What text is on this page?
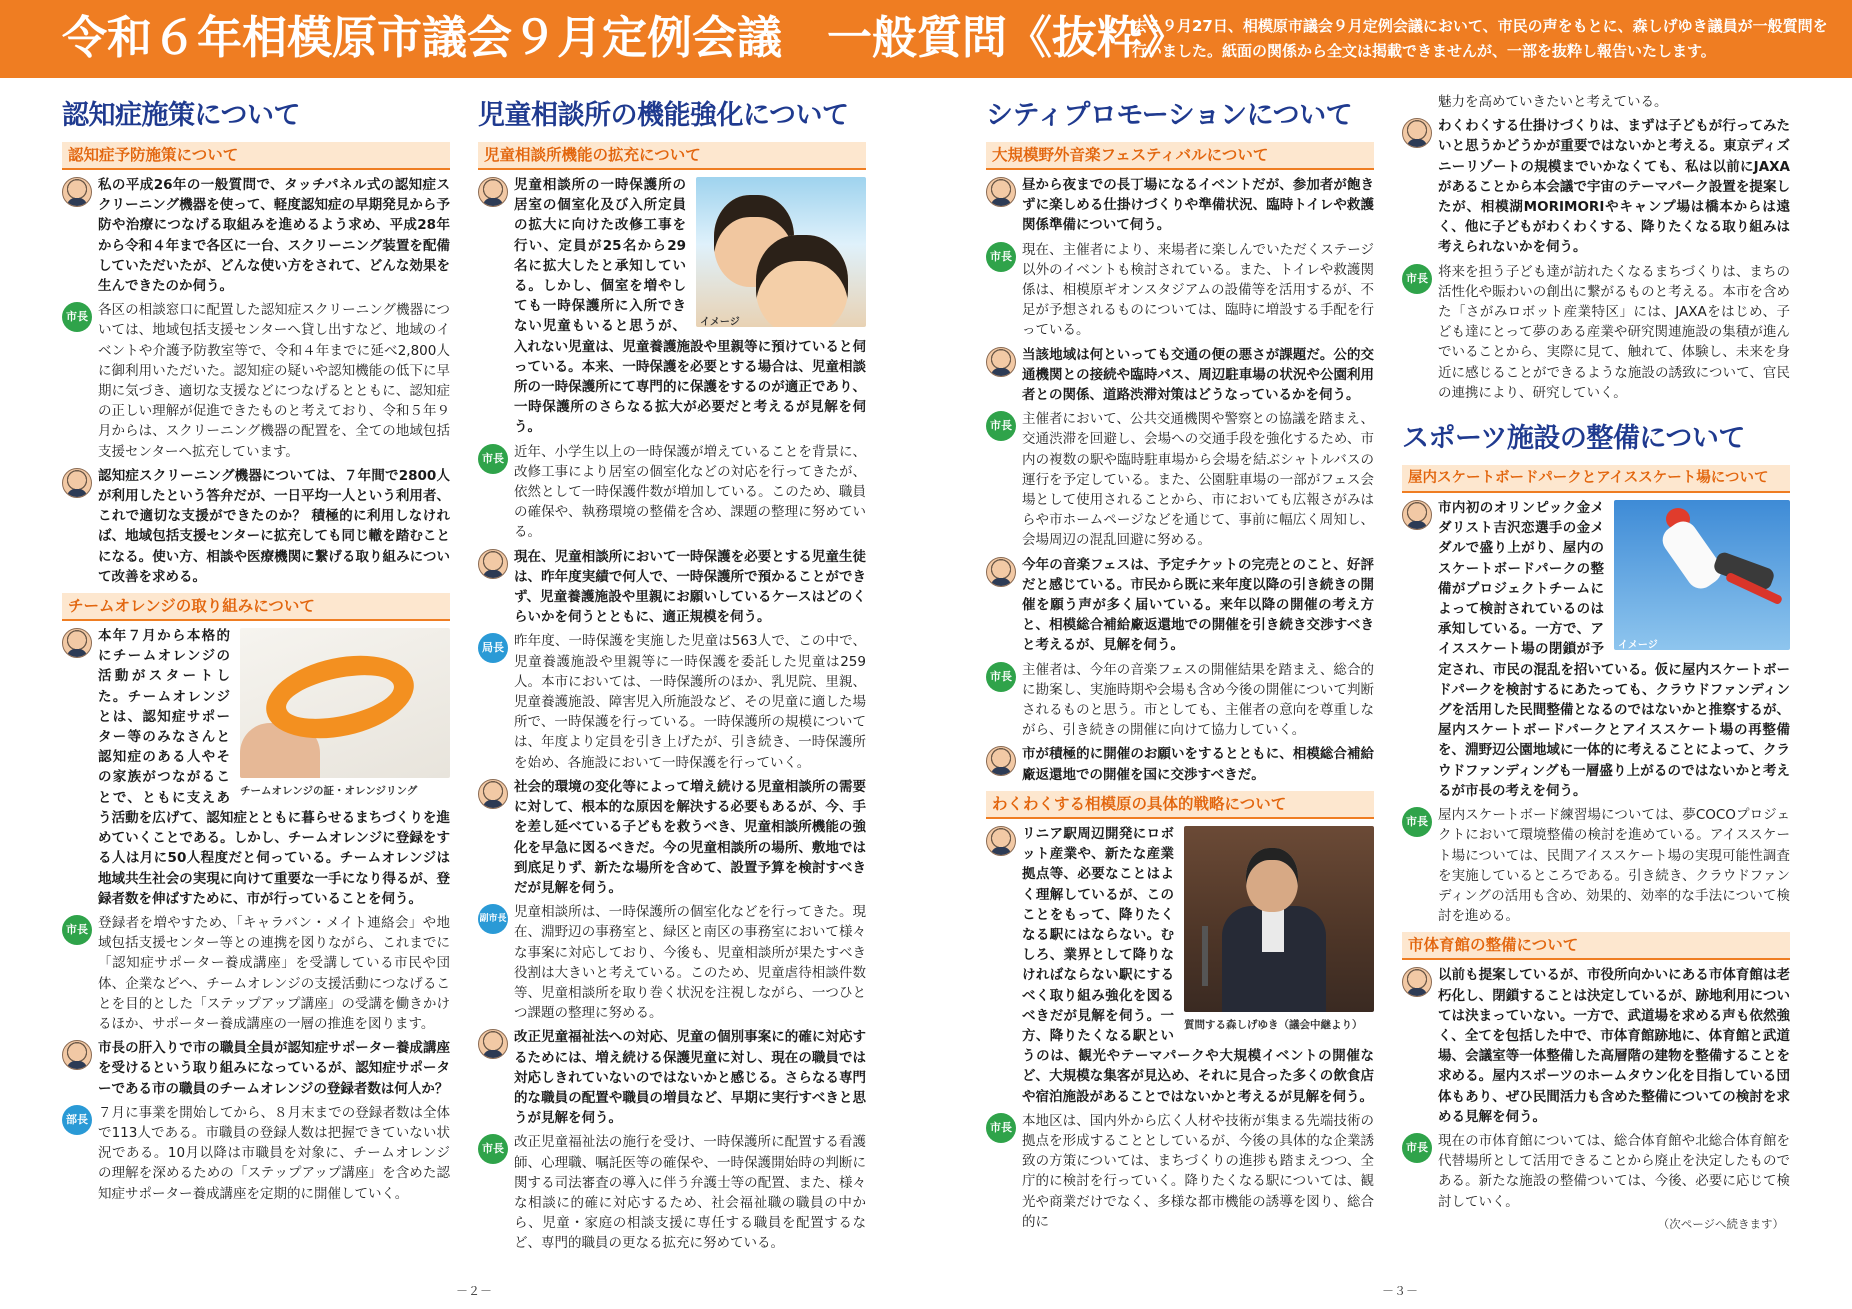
令和６年相模原市議会９月定例会議　一般質問《抜粋》

去る９月27日、相模原市議会９月定例会議において、市民の声をもとに、森しげゆき議員が一般質問を行いました。紙面の関係から全文は掲載できませんが、一部を抜粋し報告いたします。

認知症施策について
認知症予防施策について
私の平成26年の一般質問で、タッチパネル式の認知症スクリーニング機器を使って、軽度認知症の早期発見から予防や治療につなげる取組みを進めるよう求め、平成28年から令和４年まで各区に一台、スクリーニング装置を配備していただいたが、どんな使い方をされて、どんな効果を生んできたのか伺う。
市長 各区の相談窓口に配置した認知症スクリーニング機器については、地域包括支援センターへ貸し出すなど、地域のイベントや介護予防教室等で、令和４年までに延べ2,800人に御利用いただいた。認知症の疑いや認知機能の低下に早期に気づき、適切な支援などにつなげるとともに、認知症の正しい理解が促進できたものと考えており、令和５年９月からは、スクリーニング機器の配置を、全ての地域包括支援センターへ拡充しています。
認知症スクリーニング機器については、７年間で2800人が利用したという答弁だが、一日平均一人という利用者、これで適切な支援ができたのか？ 積極的に利用しなければ、地域包括支援センターに拡充しても同じ轍を踏むことになる。使い方、相談や医療機関に繋げる取り組みについて改善を求める。
チームオレンジの取り組みについて
チームオレンジの証・オレンジリング
本年７月から本格的にチームオレンジの活動がスタートした。チームオレンジとは、認知症サポーター等のみなさんと認知症のある人やその家族がつながることで、ともに支えあう活動を広げて、認知症とともに暮らせるまちづくりを進めていくことである。しかし、チームオレンジに登録をする人は月に50人程度だと伺っている。チームオレンジは地域共生社会の実現に向けて重要な一手になり得るが、登録者数を伸ばすために、市が行っていることを伺う。
市長 登録者を増やすため、「キャラバン・メイト連絡会」や地域包括支援センター等との連携を図りながら、これまでに「認知症サポーター養成講座」を受講している市民や団体、企業などへ、チームオレンジの支援活動につなげることを目的とした「ステップアップ講座」の受講を働きかけるほか、サポーター養成講座の一層の推進を図ります。
市長の肝入りで市の職員全員が認知症サポーター養成講座を受けるという取り組みになっているが、認知症サポーターである市の職員のチームオレンジの登録者数は何人か？
部長 ７月に事業を開始してから、８月末までの登録者数は全体で113人である。市職員の登録人数は把握できていない状況である。10月以降は市職員を対象に、チームオレンジの理解を深めるための「ステップアップ講座」を含めた認知症サポーター養成講座を定期的に開催していく。
児童相談所の機能強化について
児童相談所機能の拡充について
イメージ
児童相談所の一時保護所の居室の個室化及び入所定員の拡大に向けた改修工事を行い、定員が25名から29名に拡大したと承知している。しかし、個室を増やしても一時保護所に入所できない児童もいると思うが、入れない児童は、児童養護施設や里親等に預けていると伺っている。本来、一時保護を必要とする場合は、児童相談所の一時保護所にて専門的に保護をするのが適正であり、一時保護所のさらなる拡大が必要だと考えるが見解を伺う。
市長 近年、小学生以上の一時保護が増えていることを背景に、改修工事により居室の個室化などの対応を行ってきたが、依然として一時保護件数が増加している。このため、職員の確保や、執務環境の整備を含め、課題の整理に努めている。
現在、児童相談所において一時保護を必要とする児童生徒は、昨年度実績で何人で、一時保護所で預かることができず、児童養護施設や里親にお願いしているケースはどのくらいかを伺うとともに、適正規模を伺う。
局長 昨年度、一時保護を実施した児童は563人で、この中で、児童養護施設や里親等に一時保護を委託した児童は259人。本市においては、一時保護所のほか、乳児院、里親、児童養護施設、障害児入所施設など、その児童に適した場所で、一時保護を行っている。一時保護所の規模については、年度より定員を引き上げたが、引き続き、一時保護所を始め、各施設において一時保護を行っていく。
社会的環境の変化等によって増え続ける児童相談所の需要に対して、根本的な原因を解決する必要もあるが、今、手を差し延べている子どもを救うべき、児童相談所機能の強化を早急に図るべきだ。今の児童相談所の場所、敷地では到底足りず、新たな場所を含めて、設置予算を検討すべきだが見解を伺う。
副市長 児童相談所は、一時保護所の個室化などを行ってきた。現在、淵野辺の事務室と、緑区と南区の事務室において様々な事案に対応しており、今後も、児童相談所が果たすべき役割は大きいと考えている。このため、児童虐待相談件数等、児童相談所を取り巻く状況を注視しながら、一つひとつ課題の整理に努める。
改正児童福祉法への対応、児童の個別事案に的確に対応するためには、増え続ける保護児童に対し、現在の職員では対応しきれていないのではないかと感じる。さらなる専門的な職員の配置や職員の増員など、早期に実行すべきと思うが見解を伺う。
市長 改正児童福祉法の施行を受け、一時保護所に配置する看護師、心理職、嘱託医等の確保や、一時保護開始時の判断に関する司法審査の導入に伴う弁護士等の配置、また、様々な相談に的確に対応するため、社会福祉職の職員の中から、児童・家庭の相談支援に専任する職員を配置するなど、専門的職員の更なる拡充に努めている。
シティプロモーションについて
大規模野外音楽フェスティバルについて
昼から夜までの長丁場になるイベントだが、参加者が飽きずに楽しめる仕掛けづくりや準備状況、臨時トイレや救護関係準備について伺う。
市長 現在、主催者により、来場者に楽しんでいただくステージ以外のイベントも検討されている。また、トイレや救護関係は、相模原ギオンスタジアムの設備等を活用するが、不足が予想されるものについては、臨時に増設する手配を行っている。
当該地域は何といっても交通の便の悪さが課題だ。公的交通機関との接続や臨時バス、周辺駐車場の状況や公園利用者との関係、道路渋滞対策はどうなっているかを伺う。
市長 主催者において、公共交通機関や警察との協議を踏まえ、交通渋滞を回避し、会場への交通手段を強化するため、市内の複数の駅や臨時駐車場から会場を結ぶシャトルバスの運行を予定している。また、公園駐車場の一部がフェス会場として使用されることから、市においても広報さがみはらや市ホームページなどを通じて、事前に幅広く周知し、会場周辺の混乱回避に努める。
今年の音楽フェスは、予定チケットの完売とのこと、好評だと感じている。市民から既に来年度以降の引き続きの開催を願う声が多く届いている。来年以降の開催の考え方と、相模総合補給廠返還地での開催を引き続き交渉すべきと考えるが、見解を伺う。
市長 主催者は、今年の音楽フェスの開催結果を踏まえ、総合的に勘案し、実施時期や会場も含め今後の開催について判断されるものと思う。市としても、主催者の意向を尊重しながら、引き続きの開催に向けて協力していく。
市が積極的に開催のお願いをするとともに、相模総合補給廠返還地での開催を国に交渉すべきだ。
わくわくする相模原の具体的戦略について
質問する森しげゆき（議会中継より）
リニア駅周辺開発にロボット産業や、新たな産業拠点等、必要なことはよく理解しているが、このことをもって、降りたくなる駅にはならない。むしろ、業界として降りなければならない駅にするべく取り組み強化を図るべきだが見解を伺う。一方、降りたくなる駅というのは、観光やテーマパークや大規模イベントの開催など、大規模な集客が見込め、それに見合った多くの飲食店や宿泊施設があることではないかと考えるが見解を伺う。
市長 本地区は、国内外から広く人材や技術が集まる先端技術の拠点を形成することとしているが、今後の具体的な企業誘致の方策については、まちづくりの進捗も踏まえつつ、全庁的に検討を行っていく。降りたくなる駅については、観光や商業だけでなく、多様な都市機能の誘導を図り、総合的に
魅力を高めていきたいと考えている。
わくわくする仕掛けづくりは、まずは子どもが行ってみたいと思うかどうかが重要ではないかと考える。東京ディズニーリゾートの規模までいかなくても、私は以前にJAXAがあることから本会議で宇宙のテーマパーク設置を提案したが、相模湖MORIMORIやキャンプ場は橋本からは遠く、他に子どもがわくわくする、降りたくなる取り組みは考えられないかを伺う。
市長 将来を担う子ども達が訪れたくなるまちづくりは、まちの活性化や賑わいの創出に繋がるものと考える。本市を含めた「さがみロボット産業特区」には、JAXAをはじめ、子ども達にとって夢のある産業や研究関連施設の集積が進んでいることから、実際に見て、触れて、体験し、未来を身近に感じることができるような施設の誘致について、官民の連携により、研究していく。
スポーツ施設の整備について
屋内スケートボードパークとアイススケート場について
イメージ
市内初のオリンピック金メダリスト吉沢恋選手の金メダルで盛り上がり、屋内のスケートボードパークの整備がプロジェクトチームによって検討されているのは承知している。一方で、アイススケート場の閉鎖が予定され、市民の混乱を招いている。仮に屋内スケートボードパークを検討するにあたっても、クラウドファンディングを活用した民間整備となるのではないかと推察するが、屋内スケートボードパークとアイススケート場の再整備を、淵野辺公園地域に一体的に考えることによって、クラウドファンディングも一層盛り上がるのではないかと考えるが市長の考えを伺う。
市長 屋内スケートボード練習場については、夢COCOプロジェクトにおいて環境整備の検討を進めている。アイススケート場については、民間アイススケート場の実現可能性調査を実施しているところである。引き続き、クラウドファンディングの活用も含め、効果的、効率的な手法について検討を進める。
市体育館の整備について
以前も提案しているが、市役所向かいにある市体育館は老朽化し、閉鎖することは決定しているが、跡地利用については決まっていない。一方で、武道場を求める声も依然強く、全てを包括した中で、市体育館跡地に、体育館と武道場、会議室等一体整備した高層階の建物を整備することを求める。屋内スポーツのホームタウン化を目指している団体もあり、ぜひ民間活力も含めた整備についての検討を求める見解を伺う。
市長 現在の市体育館については、総合体育館や北総合体育館を代替場所として活用できることから廃止を決定したものである。新たな施設の整備ついては、今後、必要に応じて検討していく。
（次ページへ続きます）
－２－	－３－
